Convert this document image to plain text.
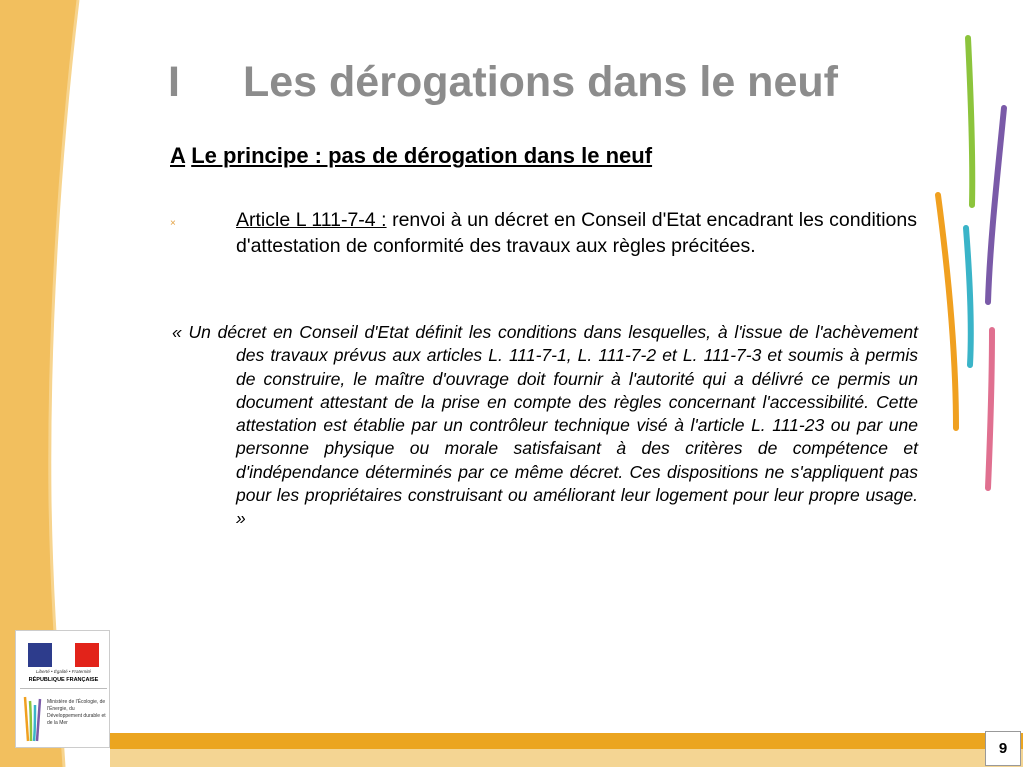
I Les dérogations dans le neuf
A Le principe : pas de dérogation dans le neuf
×	Article L 111-7-4 : renvoi à un décret en Conseil d'Etat encadrant les conditions d'attestation de conformité des travaux aux règles précitées.
« Un décret en Conseil d'Etat définit les conditions dans lesquelles, à l'issue de l'achèvement des travaux prévus aux articles L. 111-7-1, L. 111-7-2 et L. 111-7-3 et soumis à permis de construire, le maître d'ouvrage doit fournir à l'autorité qui a délivré ce permis un document attestant de la prise en compte des règles concernant l'accessibilité. Cette attestation est établie par un contrôleur technique visé à l'article L. 111-23 ou par une personne physique ou morale satisfaisant à des critères de compétence et d'indépendance déterminés par ce même décret. Ces dispositions ne s'appliquent pas pour les propriétaires construisant ou améliorant leur logement pour leur propre usage. »
Liberté • Égalité • Fraternité
RÉPUBLIQUE FRANÇAISE
Ministère de l'Écologie, de l'Énergie, du Développement durable et de la Mer
9
